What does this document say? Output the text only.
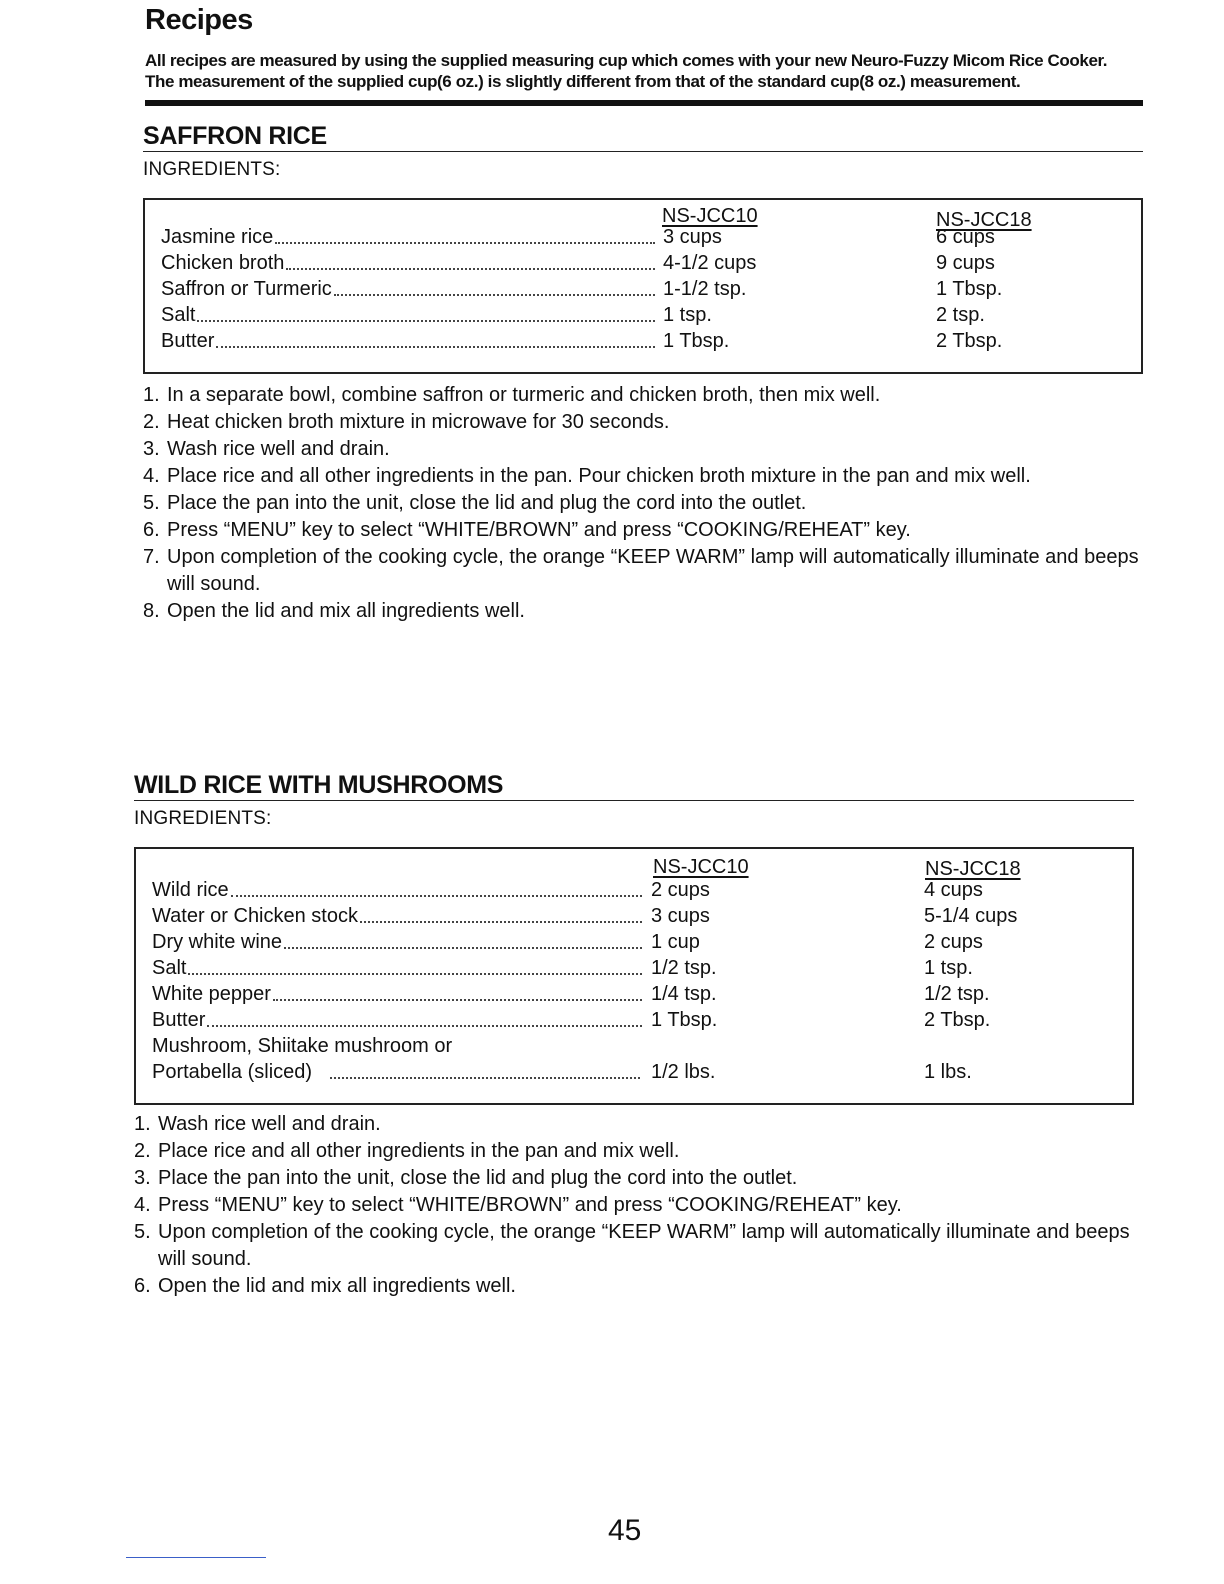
Recipes

All recipes are measured by using the supplied measuring cup which comes with your new Neuro-Fuzzy Micom Rice Cooker.

The measurement of the supplied cup(6 oz.) is slightly different from that of the standard cup(8 oz.) measurement.

SAFFRON RICE
INGREDIENTS:
NS-JCC10	NS-JCC18
Jasmine rice	3 cups	6 cups
Chicken broth	4-1/2 cups	9 cups
Saffron or Turmeric	1-1/2 tsp.	1 Tbsp.
Salt	1 tsp.	2 tsp.
Butter	1 Tbsp.	2 Tbsp.
1. In a separate bowl, combine saffron or turmeric and chicken broth, then mix well.
2. Heat chicken broth mixture in microwave for 30 seconds.
3. Wash rice well and drain.
4. Place rice and all other ingredients in the pan. Pour chicken broth mixture in the pan and mix well.
5. Place the pan into the unit, close the lid and plug the cord into the outlet.
6. Press “MENU” key to select “WHITE/BROWN” and press “COOKING/REHEAT” key.
7. Upon completion of the cooking cycle, the orange “KEEP WARM” lamp will automatically illuminate and beeps will sound.
8. Open the lid and mix all ingredients well.
WILD RICE WITH MUSHROOMS
INGREDIENTS:
NS-JCC10	NS-JCC18
Wild rice	2 cups	4 cups
Water or Chicken stock	3 cups	5-1/4 cups
Dry white wine	1 cup	2 cups
Salt	1/2 tsp.	1 tsp.
White pepper	1/4 tsp.	1/2 tsp.
Butter	1 Tbsp.	2 Tbsp.
Mushroom, Shiitake mushroom or
Portabella (sliced)	1/2 lbs.	1 lbs.
1. Wash rice well and drain.
2. Place rice and all other ingredients in the pan and mix well.
3. Place the pan into the unit, close the lid and plug the cord into the outlet.
4. Press “MENU” key to select “WHITE/BROWN” and press “COOKING/REHEAT” key.
5. Upon completion of the cooking cycle, the orange “KEEP WARM” lamp will automatically illuminate and beeps will sound.
6. Open the lid and mix all ingredients well.
45
